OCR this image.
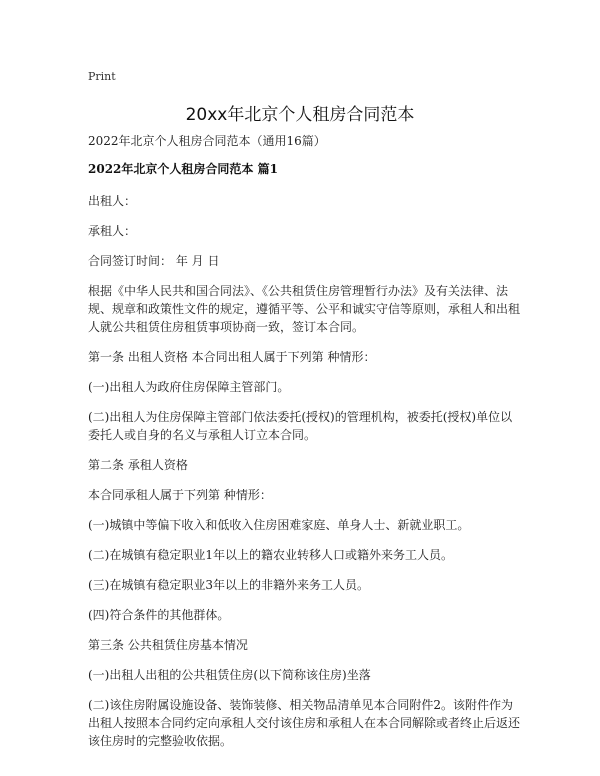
Print
20xx年北京个人租房合同范本

2022年北京个人租房合同范本（通用16篇）

2022年北京个人租房合同范本 篇1

出租人：

承租人：

合同签订时间： 年 月 日

根据《中华人民共和国合同法》、《公共租赁住房管理暂行办法》及有关法律、法规、规章和政策性文件的规定，遵循平等、公平和诚实守信等原则，承租人和出租人就公共租赁住房租赁事项协商一致，签订本合同。

第一条 出租人资格 本合同出租人属于下列第 种情形：

(一)出租人为政府住房保障主管部门。

(二)出租人为住房保障主管部门依法委托(授权)的管理机构，被委托(授权)单位以委托人或自身的名义与承租人订立本合同。

第二条 承租人资格

本合同承租人属于下列第 种情形：

(一)城镇中等偏下收入和低收入住房困难家庭、单身人士、新就业职工。

(二)在城镇有稳定职业1年以上的籍农业转移人口或籍外来务工人员。

(三)在城镇有稳定职业3年以上的非籍外来务工人员。

(四)符合条件的其他群体。

第三条 公共租赁住房基本情况

(一)出租人出租的公共租赁住房(以下简称该住房)坐落

(二)该住房附属设施设备、装饰装修、相关物品清单见本合同附件2。该附件作为出租人按照本合同约定向承租人交付该住房和承租人在本合同解除或者终止后返还该住房时的完整验收依据。
